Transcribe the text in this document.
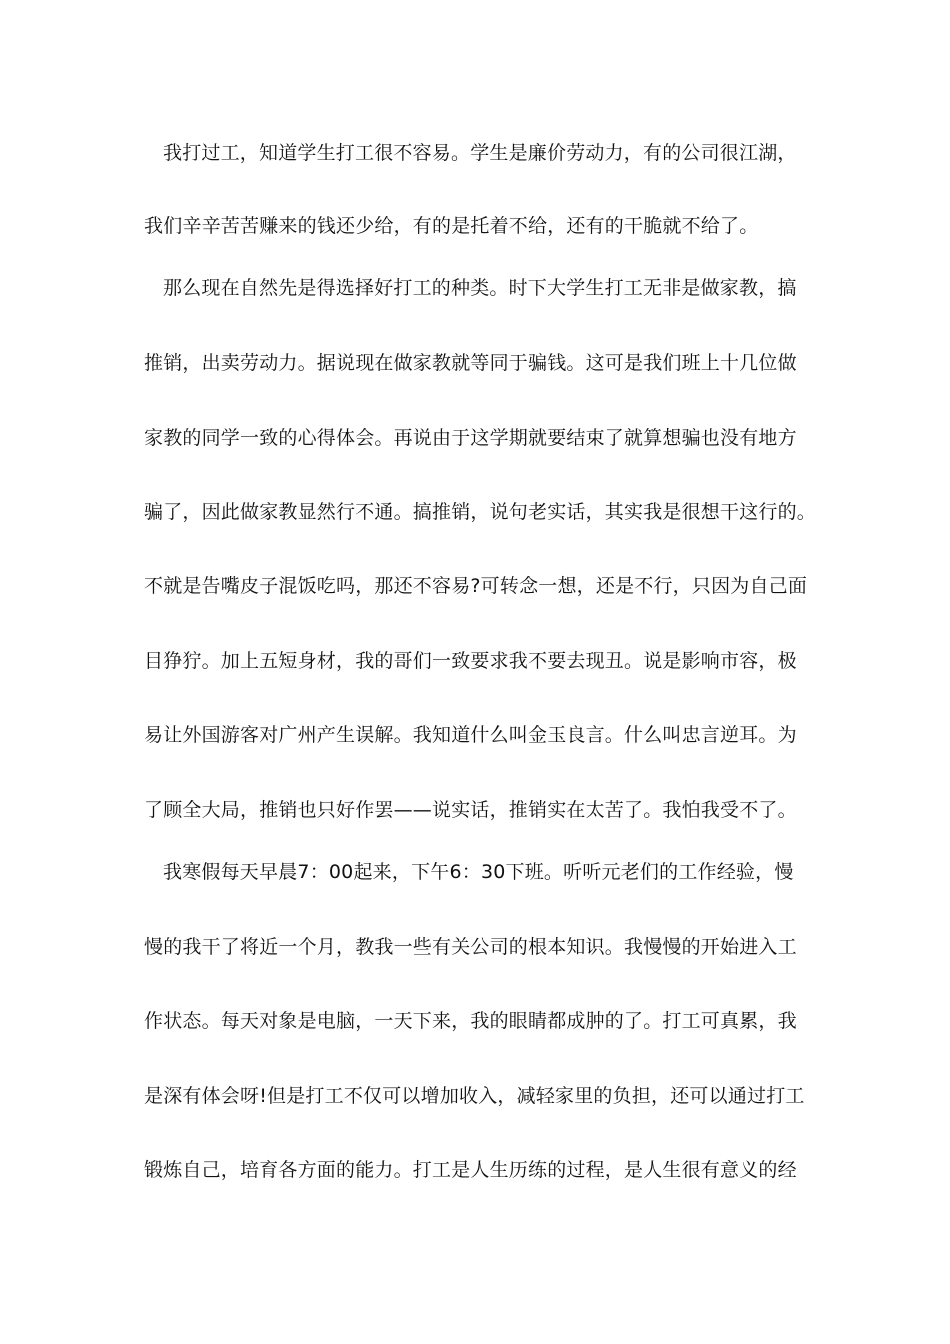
我打过工，知道学生打工很不容易。学生是廉价劳动力，有的公司很江湖，
我们辛辛苦苦赚来的钱还少给，有的是托着不给，还有的干脆就不给了。
那么现在自然先是得选择好打工的种类。时下大学生打工无非是做家教，搞
推销，出卖劳动力。据说现在做家教就等同于骗钱。这可是我们班上十几位做
家教的同学一致的心得体会。再说由于这学期就要结束了就算想骗也没有地方
骗了，因此做家教显然行不通。搞推销，说句老实话，其实我是很想干这行的。
不就是告嘴皮子混饭吃吗，那还不容易?可转念一想，还是不行，只因为自己面
目狰狞。加上五短身材，我的哥们一致要求我不要去现丑。说是影响市容，极
易让外国游客对广州产生误解。我知道什么叫金玉良言。什么叫忠言逆耳。为
了顾全大局，推销也只好作罢——说实话，推销实在太苦了。我怕我受不了。
我寒假每天早晨7：00起来，下午6：30下班。听听元老们的工作经验，慢
慢的我干了将近一个月，教我一些有关公司的根本知识。我慢慢的开始进入工
作状态。每天对象是电脑，一天下来，我的眼睛都成肿的了。打工可真累，我
是深有体会呀!但是打工不仅可以增加收入，减轻家里的负担，还可以通过打工
锻炼自己，培育各方面的能力。打工是人生历练的过程，是人生很有意义的经
